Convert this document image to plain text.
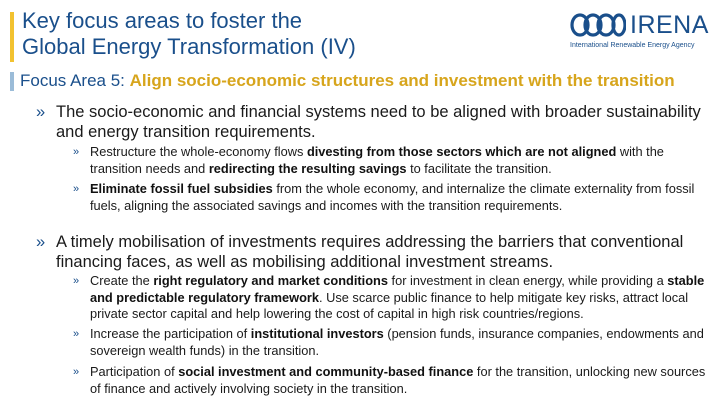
Key focus areas to foster the
Global Energy Transformation (IV)
IRENA
International Renewable Energy Agency
Focus Area 5: Align socio-economic structures and investment with the transition
» The socio-economic and financial systems need to be aligned with broader sustainability and energy transition requirements.
» Restructure the whole-economy flows divesting from those sectors which are not aligned with the transition needs and redirecting the resulting savings to facilitate the transition.
» Eliminate fossil fuel subsidies from the whole economy, and internalize the climate externality from fossil fuels, aligning the associated savings and incomes with the transition requirements.
» A timely mobilisation of investments requires addressing the barriers that conventional financing faces, as well as mobilising additional investment streams.
» Create the right regulatory and market conditions for investment in clean energy, while providing a stable and predictable regulatory framework. Use scarce public finance to help mitigate key risks, attract local private sector capital and help lowering the cost of capital in high risk countries/regions.
» Increase the participation of institutional investors (pension funds, insurance companies, endowments and sovereign wealth funds) in the transition.
» Participation of social investment and community-based finance for the transition, unlocking new sources of finance and actively involving society in the transition.
